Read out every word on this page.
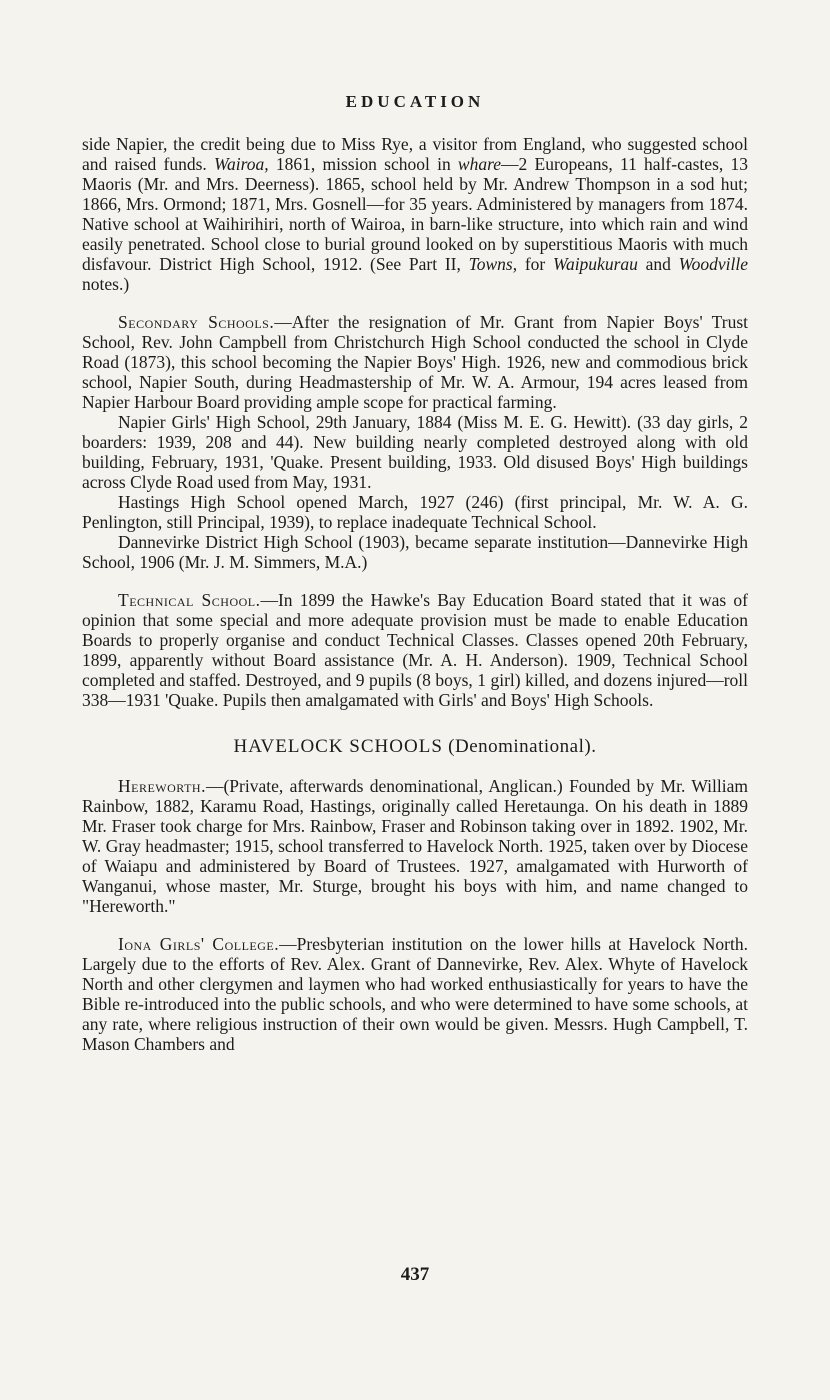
EDUCATION

side Napier, the credit being due to Miss Rye, a visitor from England, who suggested school and raised funds. Wairoa, 1861, mission school in whare—2 Europeans, 11 half-castes, 13 Maoris (Mr. and Mrs. Deerness). 1865, school held by Mr. Andrew Thompson in a sod hut; 1866, Mrs. Ormond; 1871, Mrs. Gosnell—for 35 years. Administered by managers from 1874. Native school at Waihirihiri, north of Wairoa, in barn-like structure, into which rain and wind easily penetrated. School close to burial ground looked on by superstitious Maoris with much disfavour. District High School, 1912. (See Part II, Towns, for Waipukurau and Woodville notes.)

Secondary Schools.—After the resignation of Mr. Grant from Napier Boys' Trust School, Rev. John Campbell from Christchurch High School conducted the school in Clyde Road (1873), this school becoming the Napier Boys' High. 1926, new and commodious brick school, Napier South, during Headmastership of Mr. W. A. Armour, 194 acres leased from Napier Harbour Board providing ample scope for practical farming.

Napier Girls' High School, 29th January, 1884 (Miss M. E. G. Hewitt). (33 day girls, 2 boarders: 1939, 208 and 44). New building nearly completed destroyed along with old building, February, 1931, 'Quake. Present building, 1933. Old disused Boys' High buildings across Clyde Road used from May, 1931.

Hastings High School opened March, 1927 (246) (first principal, Mr. W. A. G. Penlington, still Principal, 1939), to replace inadequate Technical School.

Dannevirke District High School (1903), became separate institution—Dannevirke High School, 1906 (Mr. J. M. Simmers, M.A.)

Technical School.—In 1899 the Hawke's Bay Education Board stated that it was of opinion that some special and more adequate provision must be made to enable Education Boards to properly organise and conduct Technical Classes. Classes opened 20th February, 1899, apparently without Board assistance (Mr. A. H. Anderson). 1909, Technical School completed and staffed. Destroyed, and 9 pupils (8 boys, 1 girl) killed, and dozens injured—roll 338—1931 'Quake. Pupils then amalgamated with Girls' and Boys' High Schools.

HAVELOCK SCHOOLS (Denominational).

Hereworth.—(Private, afterwards denominational, Anglican.) Founded by Mr. William Rainbow, 1882, Karamu Road, Hastings, originally called Heretaunga. On his death in 1889 Mr. Fraser took charge for Mrs. Rainbow, Fraser and Robinson taking over in 1892. 1902, Mr. W. Gray headmaster; 1915, school transferred to Havelock North. 1925, taken over by Diocese of Waiapu and administered by Board of Trustees. 1927, amalgamated with Hurworth of Wanganui, whose master, Mr. Sturge, brought his boys with him, and name changed to "Hereworth."

Iona Girls' College.—Presbyterian institution on the lower hills at Havelock North. Largely due to the efforts of Rev. Alex. Grant of Dannevirke, Rev. Alex. Whyte of Havelock North and other clergymen and laymen who had worked enthusiastically for years to have the Bible re-introduced into the public schools, and who were determined to have some schools, at any rate, where religious instruction of their own would be given. Messrs. Hugh Campbell, T. Mason Chambers and

437
